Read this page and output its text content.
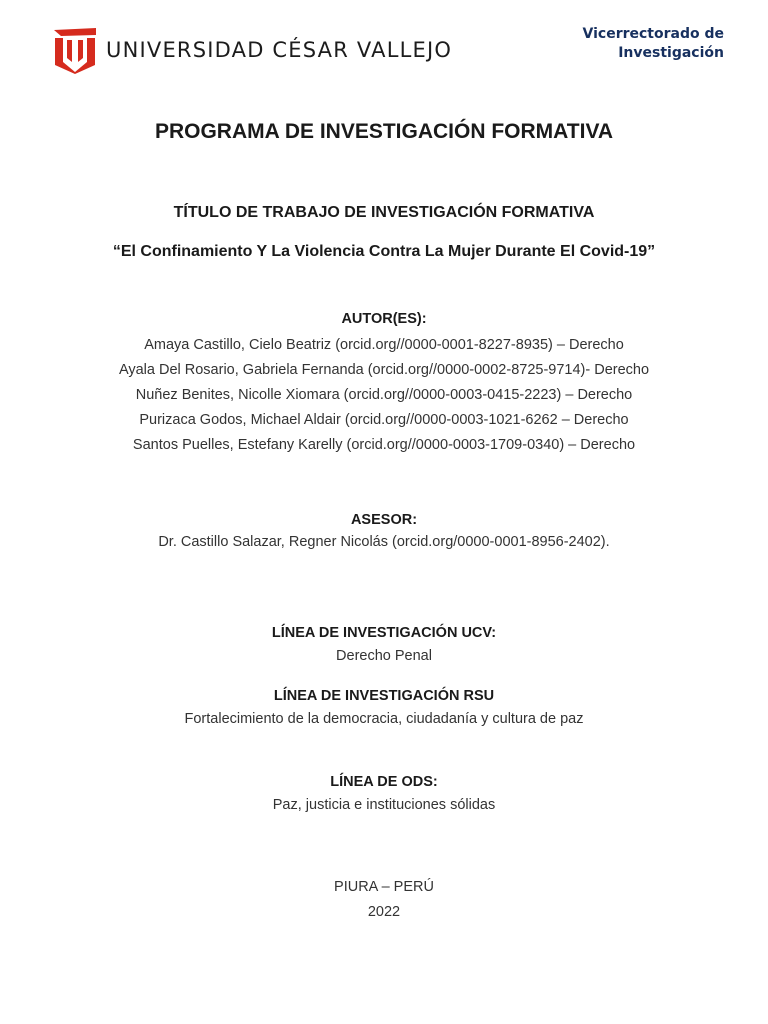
UNIVERSIDAD CÉSAR VALLEJO
Vicerrectorado de
Investigación
PROGRAMA DE INVESTIGACIÓN FORMATIVA
TÍTULO DE TRABAJO DE INVESTIGACIÓN FORMATIVA
“El Confinamiento Y La Violencia Contra La Mujer Durante El Covid-19”
AUTOR(ES):
Amaya Castillo, Cielo Beatriz (orcid.org//0000-0001-8227-8935) – Derecho
Ayala Del Rosario, Gabriela Fernanda (orcid.org//0000-0002-8725-9714)- Derecho
Nuñez Benites, Nicolle Xiomara (orcid.org//0000-0003-0415-2223) – Derecho
Purizaca Godos, Michael Aldair (orcid.org//0000-0003-1021-6262 – Derecho
Santos Puelles, Estefany Karelly (orcid.org//0000-0003-1709-0340) – Derecho
ASESOR:
Dr. Castillo Salazar, Regner Nicolás (orcid.org/0000-0001-8956-2402).
LÍNEA DE INVESTIGACIÓN UCV:
Derecho Penal
LÍNEA DE INVESTIGACIÓN RSU
Fortalecimiento de la democracia, ciudadanía y cultura de paz
LÍNEA DE ODS:
Paz, justicia e instituciones sólidas
PIURA – PERÚ
2022
